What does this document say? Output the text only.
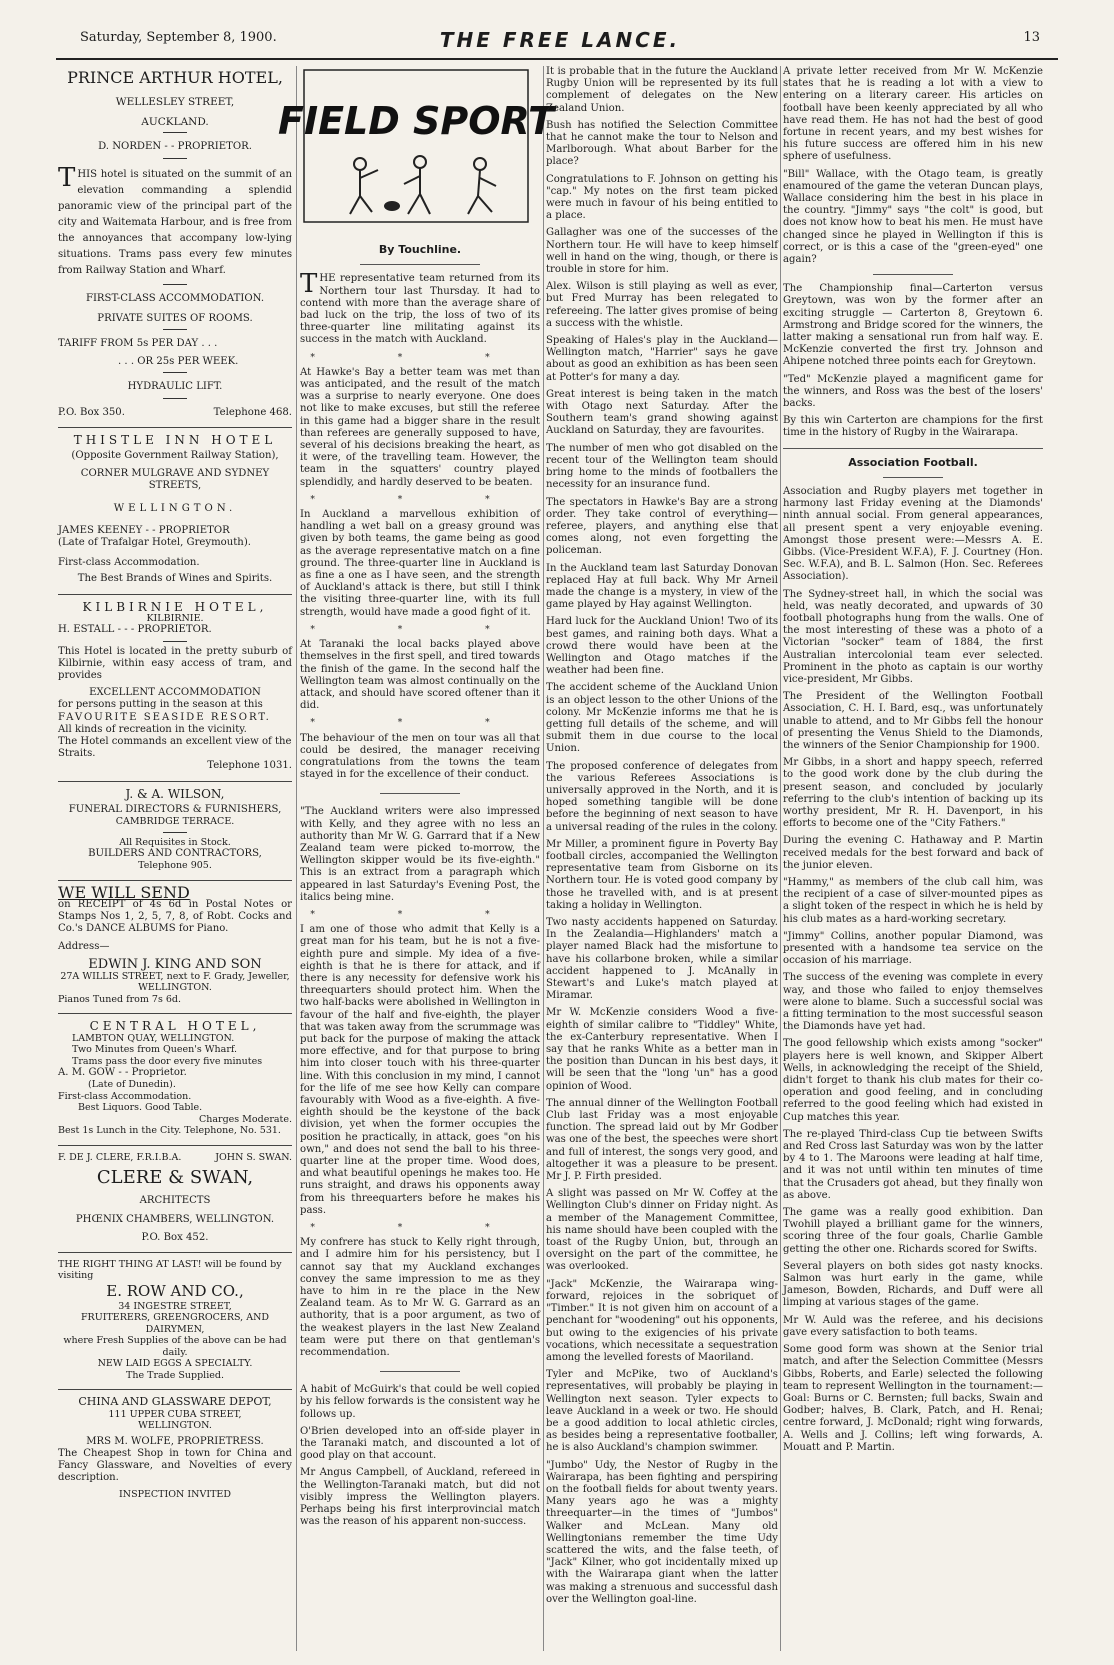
Saturday, September 8, 1900.	THE FREE LANCE.	13
PRINCE ARTHUR HOTEL,
WELLESLEY STREET,
AUCKLAND.
D. NORDEN - - PROPRIETOR.

THIS hotel is situated on the summit of an elevation commanding a splendid panoramic view of the principal part of the city and Waitemata Harbour, and is free from the annoyances that accompany low-lying situations. Trams pass every few minutes from Railway Station and Wharf.

FIRST-CLASS ACCOMMODATION.
PRIVATE SUITES OF ROOMS.
TARIFF FROM 5s PER DAY . . .
. . . OR 25s PER WEEK.
HYDRAULIC LIFT.
P.O. Box 350.	Telephone 468.
THISTLE INN HOTEL
(Opposite Government Railway Station),
CORNER MULGRAVE AND SYDNEY STREETS,
WELLINGTON.
JAMES KEENEY - - PROPRIETOR
(Late of Trafalgar Hotel, Greymouth).
First-class Accommodation.
The Best Brands of Wines and Spirits.
KILBIRNIE HOTEL,
KILBIRNIE.
H. ESTALL - - - PROPRIETOR.

This Hotel is located in the pretty suburb of Kilbirnie, within easy access of tram, and provides

EXCELLENT ACCOMMODATION
for persons putting in the season at this
FAVOURITE SEASIDE RESORT.
All kinds of recreation in the vicinity.
The Hotel commands an excellent view of the Straits.
Telephone 1031.
J. & A. WILSON,
FUNERAL DIRECTORS & FURNISHERS,
CAMBRIDGE TERRACE.
All Requisites in Stock.
BUILDERS AND CONTRACTORS,
Telephone 905.
WE WILL SEND

on RECEIPT of 4s 6d in Postal Notes or Stamps Nos 1, 2, 5, 7, 8, of Robt. Cocks and Co.'s DANCE ALBUMS for Piano.

Address—
EDWIN J. KING AND SON
27A WILLIS STREET, next to F. Grady, Jeweller, WELLINGTON.
Pianos Tuned from 7s 6d.
CENTRAL HOTEL,
LAMBTON QUAY, WELLINGTON.
Two Minutes from Queen's Wharf.
Trams pass the door every five minutes
A. M. GOW - - Proprietor.
(Late of Dunedin).
First-class Accommodation.
Best Liquors. Good Table.
Charges Moderate.
Best 1s Lunch in the City. Telephone, No. 531.
F. DE J. CLERE, F.R.I.B.A.	JOHN S. SWAN.
CLERE & SWAN,
ARCHITECTS
PHŒNIX CHAMBERS, WELLINGTON.
P.O. Box 452.
THE RIGHT THING AT LAST! will be found by visiting
E. ROW AND CO.,
34 INGESTRE STREET,
FRUITERERS, GREENGROCERS, AND DAIRYMEN,
where Fresh Supplies of the above can be had daily.
NEW LAID EGGS A SPECIALTY.
The Trade Supplied.
CHINA AND GLASSWARE DEPOT,
111 UPPER CUBA STREET,
WELLINGTON.
MRS M. WOLFE, PROPRIETRESS.

The Cheapest Shop in town for China and Fancy Glassware, and Novelties of every description.

INSPECTION INVITED
FIELD SPORT
By Touchline.

THE representative team returned from its Northern tour last Thursday. It had to contend with more than the average share of bad luck on the trip, the loss of two of its three-quarter line militating against its success in the match with Auckland.

* * *

At Hawke's Bay a better team was met than was anticipated, and the result of the match was a surprise to nearly everyone. One does not like to make excuses, but still the referee in this game had a bigger share in the result than referees are generally supposed to have, several of his decisions breaking the heart, as it were, of the travelling team. However, the team in the squatters' country played splendidly, and hardly deserved to be beaten.

* * *

In Auckland a marvellous exhibition of handling a wet ball on a greasy ground was given by both teams, the game being as good as the average representative match on a fine ground. The three-quarter line in Auckland is as fine a one as I have seen, and the strength of Auckland's attack is there, but still I think the visiting three-quarter line, with its full strength, would have made a good fight of it.

* * *

At Taranaki the local backs played above themselves in the first spell, and tired towards the finish of the game. In the second half the Wellington team was almost continually on the attack, and should have scored oftener than it did.

* * *

The behaviour of the men on tour was all that could be desired, the manager receiving congratulations from the towns the team stayed in for the excellence of their conduct.

"The Auckland writers were also impressed with Kelly, and they agree with no less an authority than Mr W. G. Garrard that if a New Zealand team were picked to-morrow, the Wellington skipper would be its five-eighth." This is an extract from a paragraph which appeared in last Saturday's Evening Post, the italics being mine.

* * *

I am one of those who admit that Kelly is a great man for his team, but he is not a five-eighth pure and simple. My idea of a five-eighth is that he is there for attack, and if there is any necessity for defensive work his threequarters should protect him. When the two half-backs were abolished in Wellington in favour of the half and five-eighth, the player that was taken away from the scrummage was put back for the purpose of making the attack more effective, and for that purpose to bring him into closer touch with his three-quarter line. With this conclusion in my mind, I cannot for the life of me see how Kelly can compare favourably with Wood as a five-eighth. A five-eighth should be the keystone of the back division, yet when the former occupies the position he practically, in attack, goes "on his own," and does not send the ball to his three-quarter line at the proper time. Wood does, and what beautiful openings he makes too. He runs straight, and draws his opponents away from his threequarters before he makes his pass.

* * *

My confrere has stuck to Kelly right through, and I admire him for his persistency, but I cannot say that my Auckland exchanges convey the same impression to me as they have to him in re the place in the New Zealand team. As to Mr W. G. Garrard as an authority, that is a poor argument, as two of the weakest players in the last New Zealand team were put there on that gentleman's recommendation.

A habit of McGuirk's that could be well copied by his fellow forwards is the consistent way he follows up.

O'Brien developed into an off-side player in the Taranaki match, and discounted a lot of good play on that account.

Mr Angus Campbell, of Auckland, refereed in the Wellington-Taranaki match, but did not visibly impress the Wellington players. Perhaps being his first interprovincial match was the reason of his apparent non-success.

It is probable that in the future the Auckland Rugby Union will be represented by its full complement of delegates on the New Zealand Union.

Bush has notified the Selection Committee that he cannot make the tour to Nelson and Marlborough. What about Barber for the place?

Congratulations to F. Johnson on getting his "cap." My notes on the first team picked were much in favour of his being entitled to a place.

Gallagher was one of the successes of the Northern tour. He will have to keep himself well in hand on the wing, though, or there is trouble in store for him.

Alex. Wilson is still playing as well as ever, but Fred Murray has been relegated to refereeing. The latter gives promise of being a success with the whistle.

Speaking of Hales's play in the Auckland—Wellington match, "Harrier" says he gave about as good an exhibition as has been seen at Potter's for many a day.

Great interest is being taken in the match with Otago next Saturday. After the Southern team's grand showing against Auckland on Saturday, they are favourites.

The number of men who got disabled on the recent tour of the Wellington team should bring home to the minds of footballers the necessity for an insurance fund.

The spectators in Hawke's Bay are a strong order. They take control of everything—referee, players, and anything else that comes along, not even forgetting the policeman.

In the Auckland team last Saturday Donovan replaced Hay at full back. Why Mr Arneil made the change is a mystery, in view of the game played by Hay against Wellington.

Hard luck for the Auckland Union! Two of its best games, and raining both days. What a crowd there would have been at the Wellington and Otago matches if the weather had been fine.

The accident scheme of the Auckland Union is an object lesson to the other Unions of the colony. Mr McKenzie informs me that he is getting full details of the scheme, and will submit them in due course to the local Union.

The proposed conference of delegates from the various Referees Associations is universally approved in the North, and it is hoped something tangible will be done before the beginning of next season to have a universal reading of the rules in the colony.

Mr Miller, a prominent figure in Poverty Bay football circles, accompanied the Wellington representative team from Gisborne on its Northern tour. He is voted good company by those he travelled with, and is at present taking a holiday in Wellington.

Two nasty accidents happened on Saturday. In the Zealandia—Highlanders' match a player named Black had the misfortune to have his collarbone broken, while a similar accident happened to J. McAnally in Stewart's and Luke's match played at Miramar.

Mr W. McKenzie considers Wood a five-eighth of similar calibre to "Tiddley" White, the ex-Canterbury representative. When I say that he ranks White as a better man in the position than Duncan in his best days, it will be seen that the "long 'un" has a good opinion of Wood.

The annual dinner of the Wellington Football Club last Friday was a most enjoyable function. The spread laid out by Mr Godber was one of the best, the speeches were short and full of interest, the songs very good, and altogether it was a pleasure to be present. Mr J. P. Firth presided.

A slight was passed on Mr W. Coffey at the Wellington Club's dinner on Friday night. As a member of the Management Committee, his name should have been coupled with the toast of the Rugby Union, but, through an oversight on the part of the committee, he was overlooked.

"Jack" McKenzie, the Wairarapa wing-forward, rejoices in the sobriquet of "Timber." It is not given him on account of a penchant for "woodening" out his opponents, but owing to the exigencies of his private vocations, which necessitate a sequestration among the levelled forests of Maoriland.

Tyler and McPike, two of Auckland's representatives, will probably be playing in Wellington next season. Tyler expects to leave Auckland in a week or two. He should be a good addition to local athletic circles, as besides being a representative footballer, he is also Auckland's champion swimmer.

"Jumbo" Udy, the Nestor of Rugby in the Wairarapa, has been fighting and perspiring on the football fields for about twenty years. Many years ago he was a mighty threequarter—in the times of "Jumbos" Walker and McLean. Many old Wellingtonians remember the time Udy scattered the wits, and the false teeth, of "Jack" Kilner, who got incidentally mixed up with the Wairarapa giant when the latter was making a strenuous and successful dash over the Wellington goal-line.

A private letter received from Mr W. McKenzie states that he is reading a lot with a view to entering on a literary career. His articles on football have been keenly appreciated by all who have read them. He has not had the best of good fortune in recent years, and my best wishes for his future success are offered him in his new sphere of usefulness.

"Bill" Wallace, with the Otago team, is greatly enamoured of the game the veteran Duncan plays, Wallace considering him the best in his place in the country. "Jimmy" says "the colt" is good, but does not know how to beat his men. He must have changed since he played in Wellington if this is correct, or is this a case of the "green-eyed" one again?

The Championship final—Carterton versus Greytown, was won by the former after an exciting struggle — Carterton 8, Greytown 6. Armstrong and Bridge scored for the winners, the latter making a sensational run from half way. E. McKenzie converted the first try. Johnson and Ahipene notched three points each for Greytown.

"Ted" McKenzie played a magnificent game for the winners, and Ross was the best of the losers' backs.

By this win Carterton are champions for the first time in the history of Rugby in the Wairarapa.

Association Football.

Association and Rugby players met together in harmony last Friday evening at the Diamonds' ninth annual social. From general appearances, all present spent a very enjoyable evening. Amongst those present were:—Messrs A. E. Gibbs. (Vice-President W.F.A), F. J. Courtney (Hon. Sec. W.F.A), and B. L. Salmon (Hon. Sec. Referees Association).

The Sydney-street hall, in which the social was held, was neatly decorated, and upwards of 30 football photographs hung from the walls. One of the most interesting of these was a photo of a Victorian "socker" team of 1884, the first Australian intercolonial team ever selected. Prominent in the photo as captain is our worthy vice-president, Mr Gibbs.

The President of the Wellington Football Association, C. H. I. Bard, esq., was unfortunately unable to attend, and to Mr Gibbs fell the honour of presenting the Venus Shield to the Diamonds, the winners of the Senior Championship for 1900.

Mr Gibbs, in a short and happy speech, referred to the good work done by the club during the present season, and concluded by jocularly referring to the club's intention of backing up its worthy president, Mr R. H. Davenport, in his efforts to become one of the "City Fathers."

During the evening C. Hathaway and P. Martin received medals for the best forward and back of the junior eleven.

"Hammy," as members of the club call him, was the recipient of a case of silver-mounted pipes as a slight token of the respect in which he is held by his club mates as a hard-working secretary.

"Jimmy" Collins, another popular Diamond, was presented with a handsome tea service on the occasion of his marriage.

The success of the evening was complete in every way, and those who failed to enjoy themselves were alone to blame. Such a successful social was a fitting termination to the most successful season the Diamonds have yet had.

The good fellowship which exists among "socker" players here is well known, and Skipper Albert Wells, in acknowledging the receipt of the Shield, didn't forget to thank his club mates for their co-operation and good feeling, and in concluding referred to the good feeling which had existed in Cup matches this year.

The re-played Third-class Cup tie between Swifts and Red Cross last Saturday was won by the latter by 4 to 1. The Maroons were leading at half time, and it was not until within ten minutes of time that the Crusaders got ahead, but they finally won as above.

The game was a really good exhibition. Dan Twohill played a brilliant game for the winners, scoring three of the four goals, Charlie Gamble getting the other one. Richards scored for Swifts.

Several players on both sides got nasty knocks. Salmon was hurt early in the game, while Jameson, Bowden, Richards, and Duff were all limping at various stages of the game.

Mr W. Auld was the referee, and his decisions gave every satisfaction to both teams.

Some good form was shown at the Senior trial match, and after the Selection Committee (Messrs Gibbs, Roberts, and Earle) selected the following team to represent Wellington in the tournament:—Goal: Burns or C. Bernsten; full backs, Swain and Godber; halves, B. Clark, Patch, and H. Renai; centre forward, J. McDonald; right wing forwards, A. Wells and J. Collins; left wing forwards, A. Mouatt and P. Martin.
